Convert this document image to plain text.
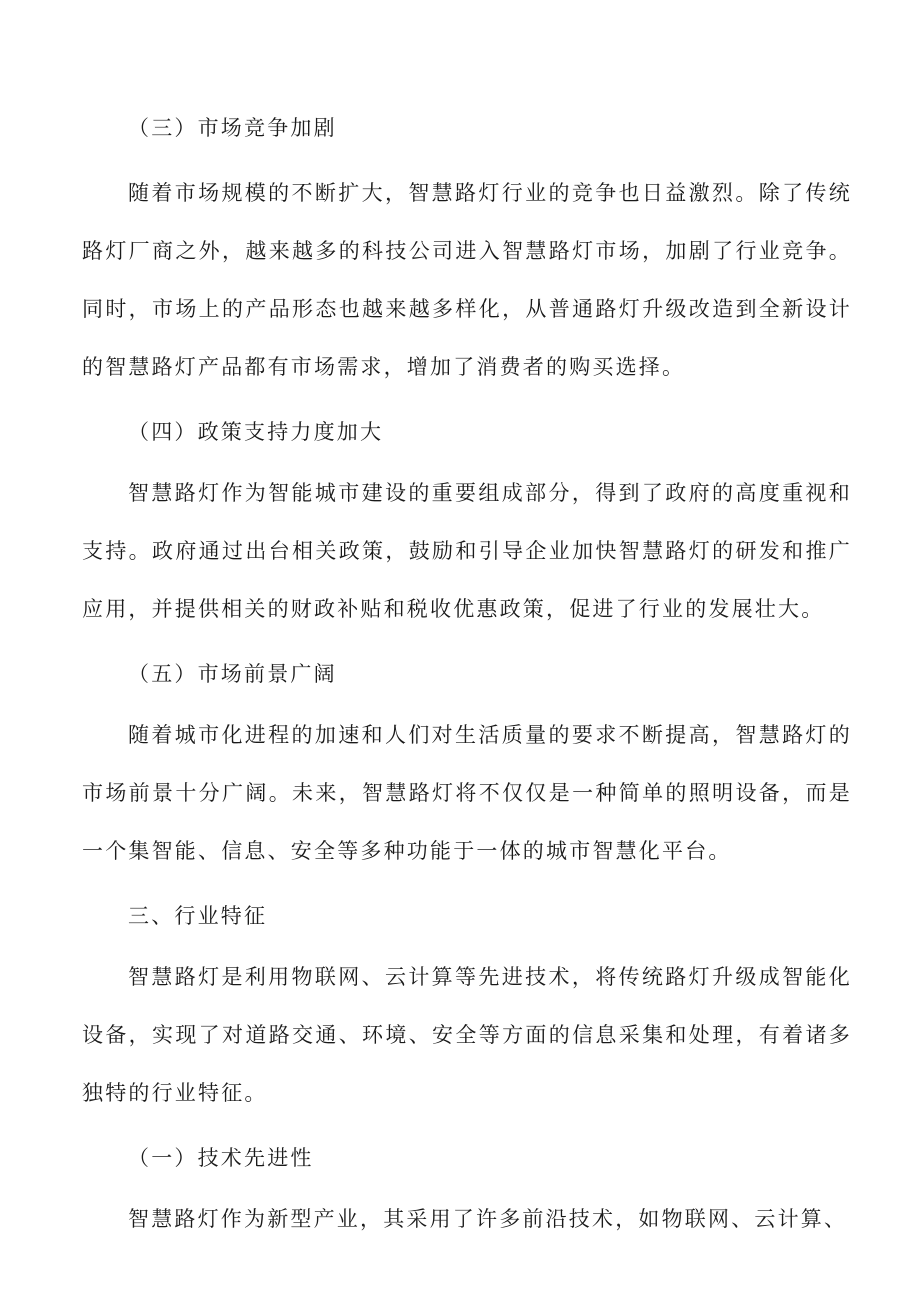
（三）市场竞争加剧

随着市场规模的不断扩大，智慧路灯行业的竞争也日益激烈。除了传统路灯厂商之外，越来越多的科技公司进入智慧路灯市场，加剧了行业竞争。同时，市场上的产品形态也越来越多样化，从普通路灯升级改造到全新设计的智慧路灯产品都有市场需求，增加了消费者的购买选择。

（四）政策支持力度加大

智慧路灯作为智能城市建设的重要组成部分，得到了政府的高度重视和支持。政府通过出台相关政策，鼓励和引导企业加快智慧路灯的研发和推广应用，并提供相关的财政补贴和税收优惠政策，促进了行业的发展壮大。

（五）市场前景广阔

随着城市化进程的加速和人们对生活质量的要求不断提高，智慧路灯的市场前景十分广阔。未来，智慧路灯将不仅仅是一种简单的照明设备，而是一个集智能、信息、安全等多种功能于一体的城市智慧化平台。

三、行业特征

智慧路灯是利用物联网、云计算等先进技术，将传统路灯升级成智能化设备，实现了对道路交通、环境、安全等方面的信息采集和处理，有着诸多独特的行业特征。

（一）技术先进性

智慧路灯作为新型产业，其采用了许多前沿技术，如物联网、云计算、
